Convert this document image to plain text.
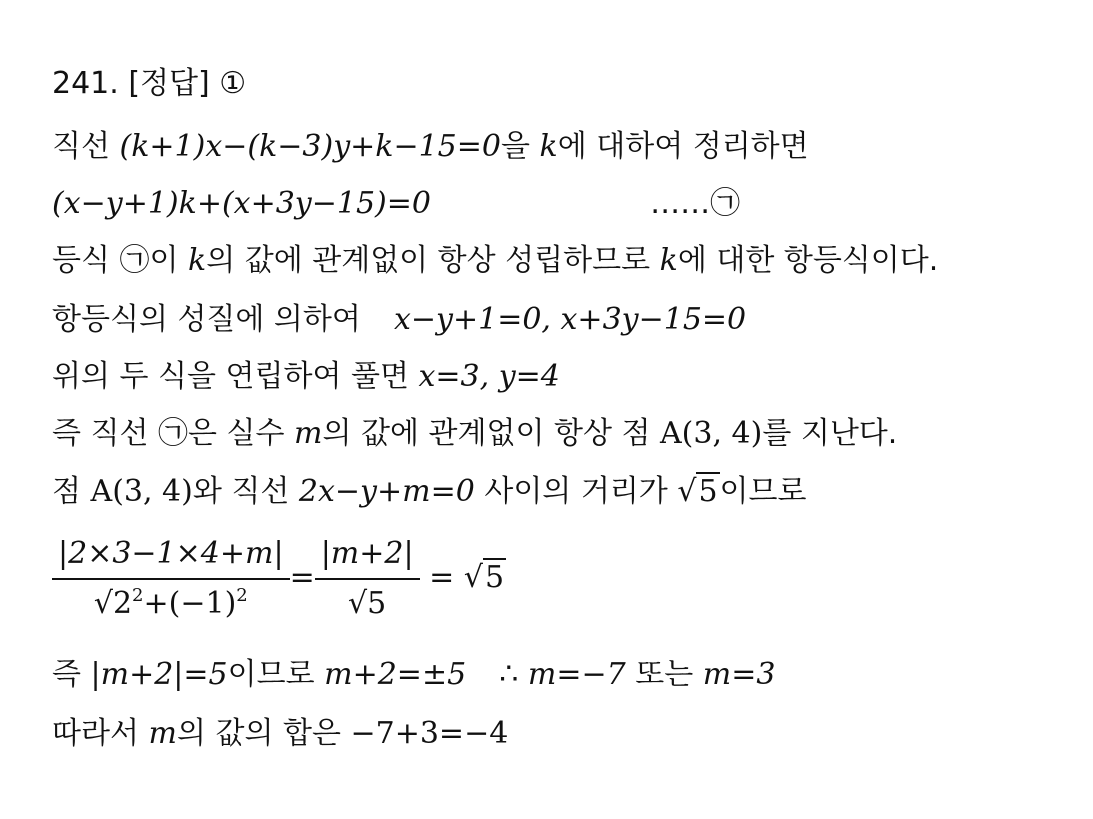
241. [정답] ①
직선 (k+1)x−(k−3)y+k−15=0을 k에 대하여 정리하면
(x−y+1)k+(x+3y−15)=0	……㉠
등식 ㉠이 k의 값에 관계없이 항상 성립하므로 k에 대한 항등식이다.
항등식의 성질에 의하여 x−y+1=0, x+3y−15=0
위의 두 식을 연립하여 풀면 x=3, y=4
즉 직선 ㉠은 실수 m의 값에 관계없이 항상 점 A(3, 4)를 지난다.
점 A(3, 4)와 직선 2x−y+m=0 사이의 거리가 √5이므로
$\frac{|2\times 3-1\times 4+m|}{√2^2+(-1)^2} = \frac{|m+2|}{√5} = √5$
즉 |m+2|=5이므로 m+2=±5 ∴ m=−7 또는 m=3
따라서 m의 값의 합은 −7+3=−4
